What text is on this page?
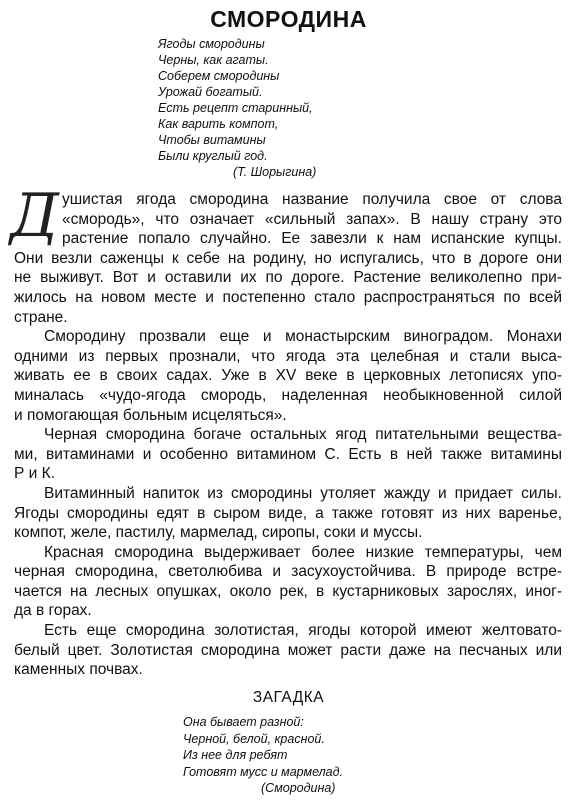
СМОРОДИНА
Ягоды смородины
Черны, как агаты.
Соберем смородины
Урожай богатый.
Есть рецепт старинный,
Как варить компот,
Чтобы витамины
Были круглый год.
(Т. Шорыгина)
Д ушистая ягода смородина название получила свое от слова
«смородь», что означает «сильный запах». В нашу страну это
растение попало случайно. Ее завезли к нам испанские купцы.
Они везли саженцы к себе на родину, но испугались, что в дороге они
не выживут. Вот и оставили их по дороге. Растение великолепно при-
жилось на новом месте и постепенно стало распространяться по всей
стране.
Смородину прозвали еще и монастырским виноградом. Монахи
одними из первых прознали, что ягода эта целебная и стали выса-
живать ее в своих садах. Уже в XV веке в церковных летописях упо-
миналась «чудо-ягода смородь, наделенная необыкновенной силой
и помогающая больным исцеляться».
Черная смородина богаче остальных ягод питательными вещества-
ми, витаминами и особенно витамином С. Есть в ней также витамины
Р и К.
Витаминный напиток из смородины утоляет жажду и придает силы.
Ягоды смородины едят в сыром виде, а также готовят из них варенье,
компот, желе, пастилу, мармелад, сиропы, соки и муссы.
Красная смородина выдерживает более низкие температуры, чем
черная смородина, светолюбива и засухоустойчива. В природе встре-
чается на лесных опушках, около рек, в кустарниковых зарослях, иног-
да в горах.
Есть еще смородина золотистая, ягоды которой имеют желтовато-
белый цвет. Золотистая смородина может расти даже на песчаных или
каменных почвах.
ЗАГАДКА
Она бывает разной:
Черной, белой, красной.
Из нее для ребят
Готовят мусс и мармелад.
(Смородина)
